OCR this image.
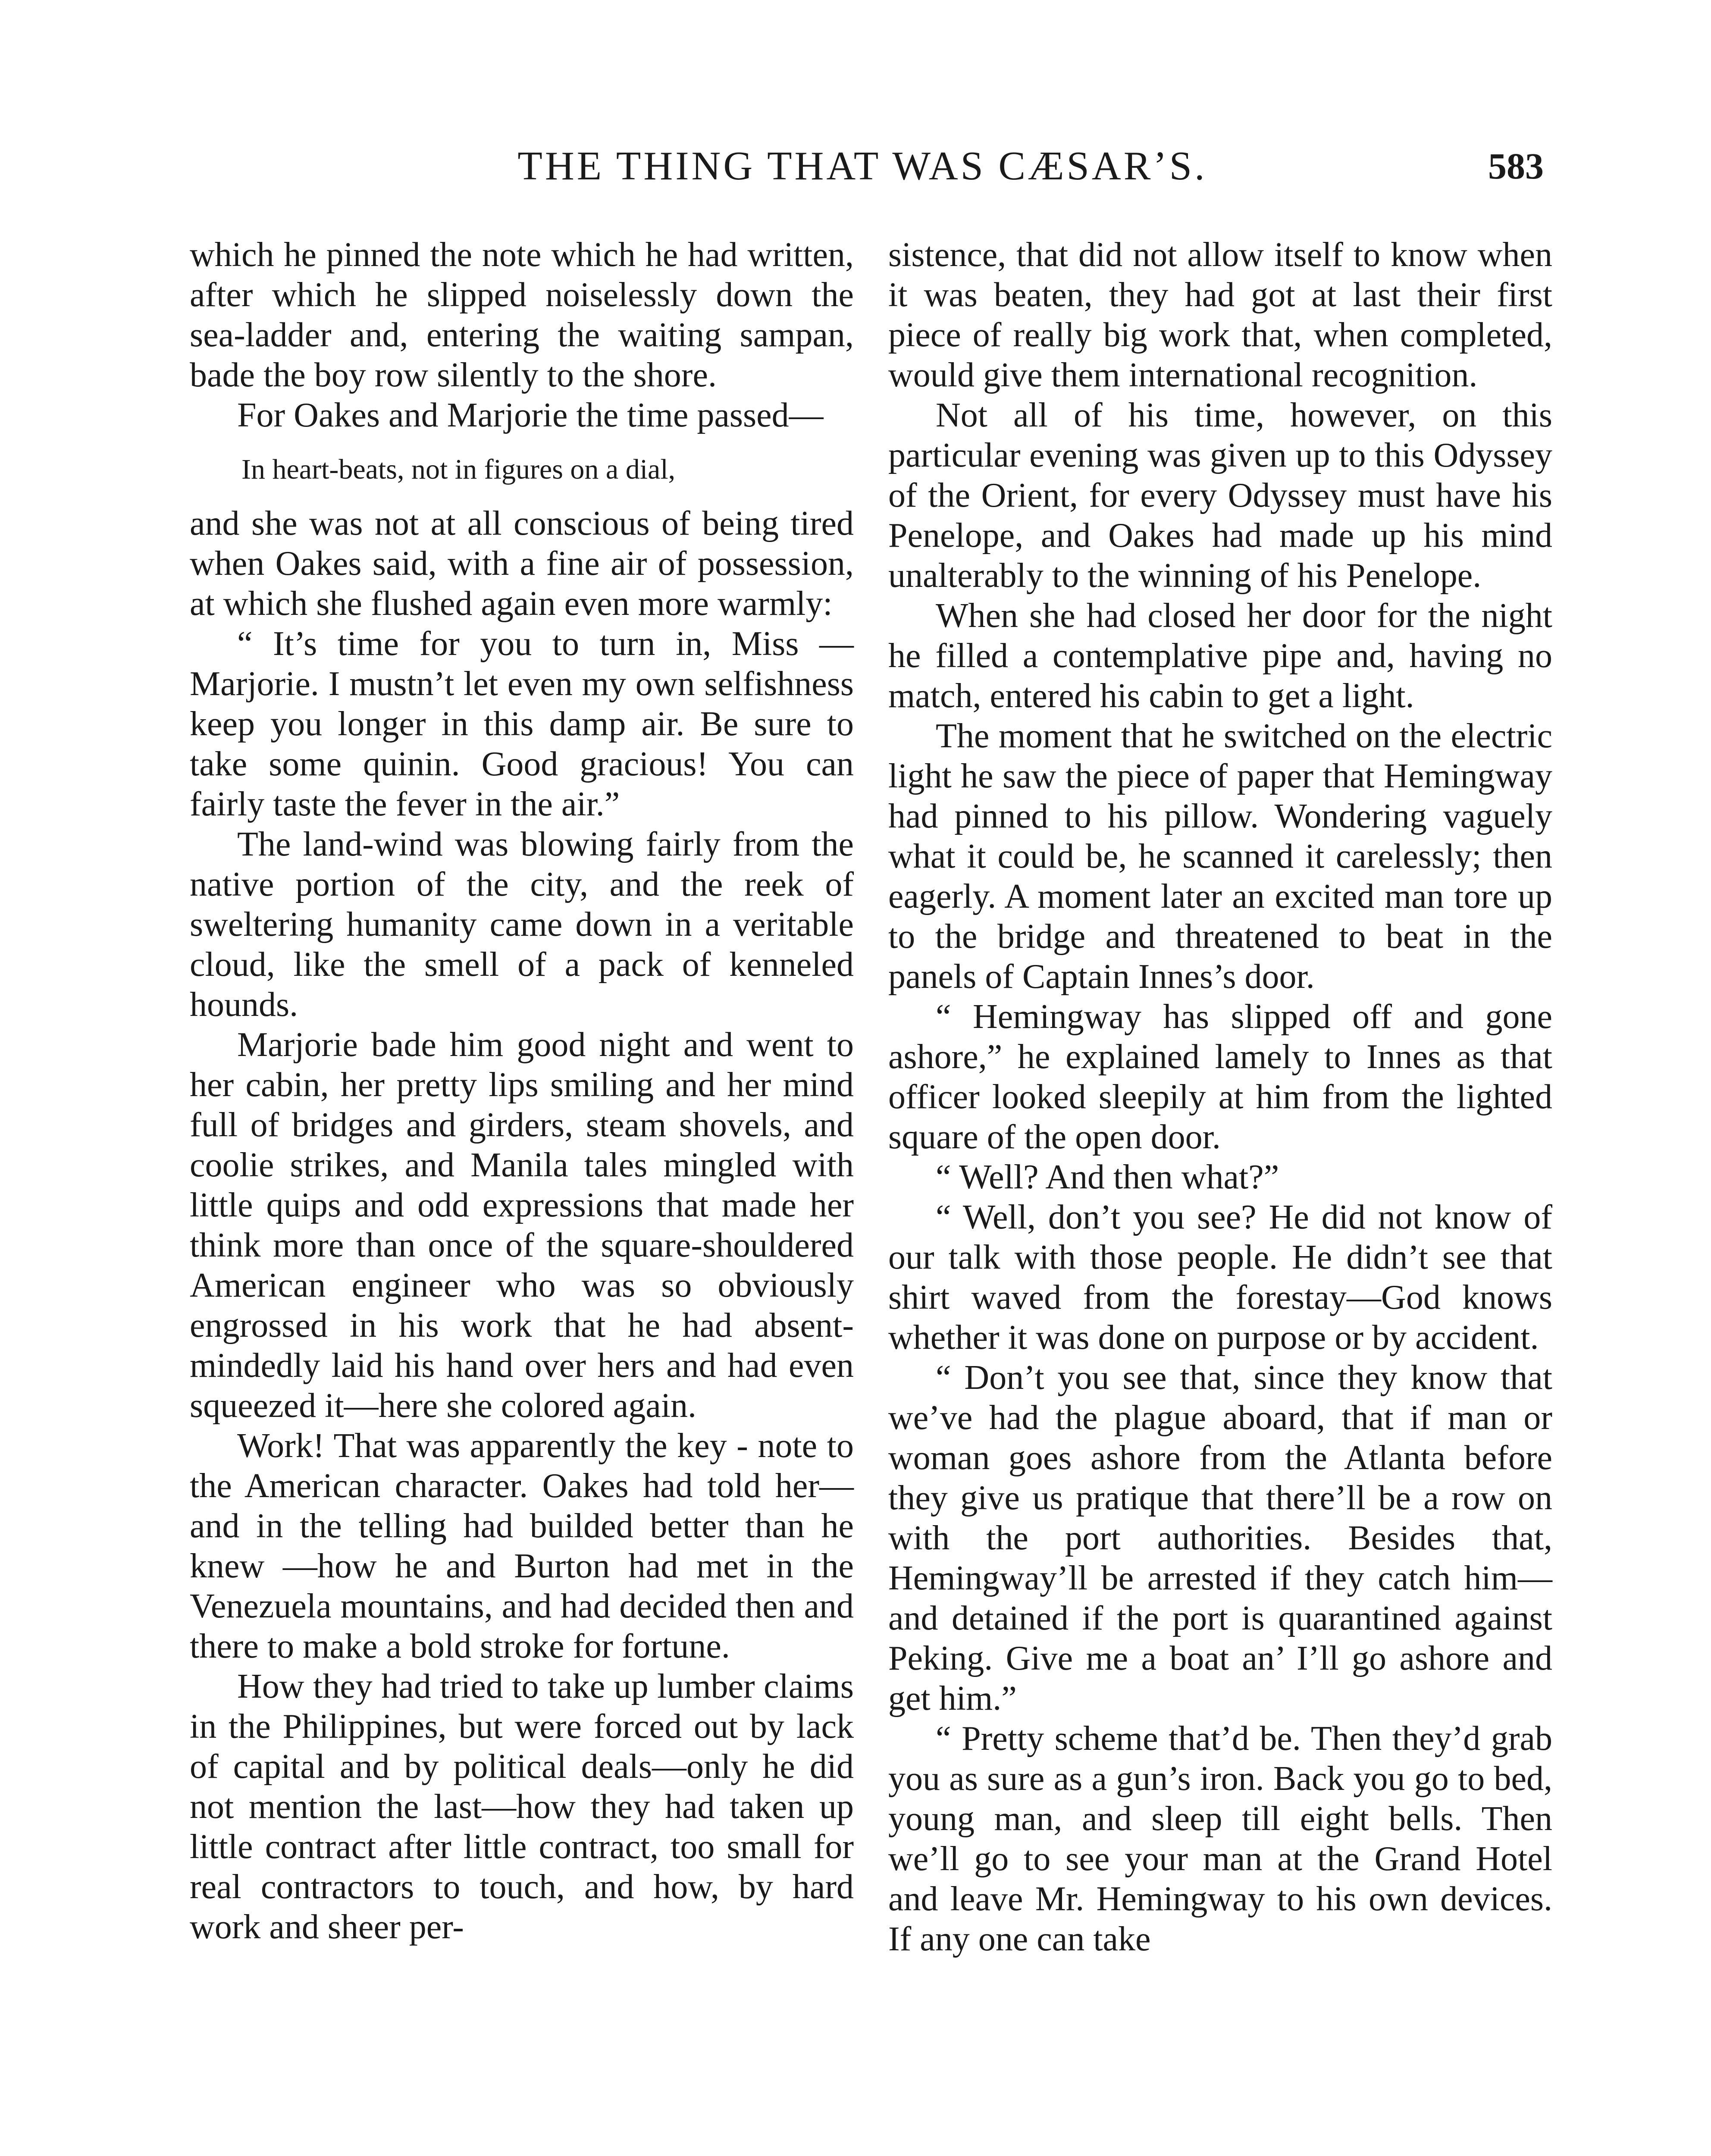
THE THING THAT WAS CÆSAR’S.	583

which he pinned the note which he had written, after which he slipped noiselessly down the sea-ladder and, entering the waiting sampan, bade the boy row silently to the shore.

For Oakes and Marjorie the time passed—

In heart-beats, not in figures on a dial,

and she was not at all conscious of being tired when Oakes said, with a fine air of possession, at which she flushed again even more warmly:

“ It’s time for you to turn in, Miss —Marjorie. I mustn’t let even my own selfishness keep you longer in this damp air. Be sure to take some quinin. Good gracious! You can fairly taste the fever in the air.”

The land-wind was blowing fairly from the native portion of the city, and the reek of sweltering humanity came down in a veritable cloud, like the smell of a pack of kenneled hounds.

Marjorie bade him good night and went to her cabin, her pretty lips smiling and her mind full of bridges and girders, steam shovels, and coolie strikes, and Manila tales mingled with little quips and odd expressions that made her think more than once of the square-shouldered American engineer who was so obviously engrossed in his work that he had absent-mindedly laid his hand over hers and had even squeezed it—here she colored again.

Work! That was apparently the key - note to the American character. Oakes had told her—and in the telling had builded better than he knew —how he and Burton had met in the Venezuela mountains, and had decided then and there to make a bold stroke for fortune.

How they had tried to take up lumber claims in the Philippines, but were forced out by lack of capital and by political deals—only he did not mention the last—how they had taken up little contract after little contract, too small for real contractors to touch, and how, by hard work and sheer per-

sistence, that did not allow itself to know when it was beaten, they had got at last their first piece of really big work that, when completed, would give them international recognition.

Not all of his time, however, on this particular evening was given up to this Odyssey of the Orient, for every Odyssey must have his Penelope, and Oakes had made up his mind unalterably to the winning of his Penelope.

When she had closed her door for the night he filled a contemplative pipe and, having no match, entered his cabin to get a light.

The moment that he switched on the electric light he saw the piece of paper that Hemingway had pinned to his pillow. Wondering vaguely what it could be, he scanned it carelessly; then eagerly. A moment later an excited man tore up to the bridge and threatened to beat in the panels of Captain Innes’s door.

“ Hemingway has slipped off and gone ashore,” he explained lamely to Innes as that officer looked sleepily at him from the lighted square of the open door.

“ Well? And then what?”

“ Well, don’t you see? He did not know of our talk with those people. He didn’t see that shirt waved from the forestay—God knows whether it was done on purpose or by accident.

“ Don’t you see that, since they know that we’ve had the plague aboard, that if man or woman goes ashore from the Atlanta before they give us pratique that there’ll be a row on with the port authorities. Besides that, Hemingway’ll be arrested if they catch him—and detained if the port is quarantined against Peking. Give me a boat an’ I’ll go ashore and get him.”

“ Pretty scheme that’d be. Then they’d grab you as sure as a gun’s iron. Back you go to bed, young man, and sleep till eight bells. Then we’ll go to see your man at the Grand Hotel and leave Mr. Hemingway to his own devices. If any one can take
